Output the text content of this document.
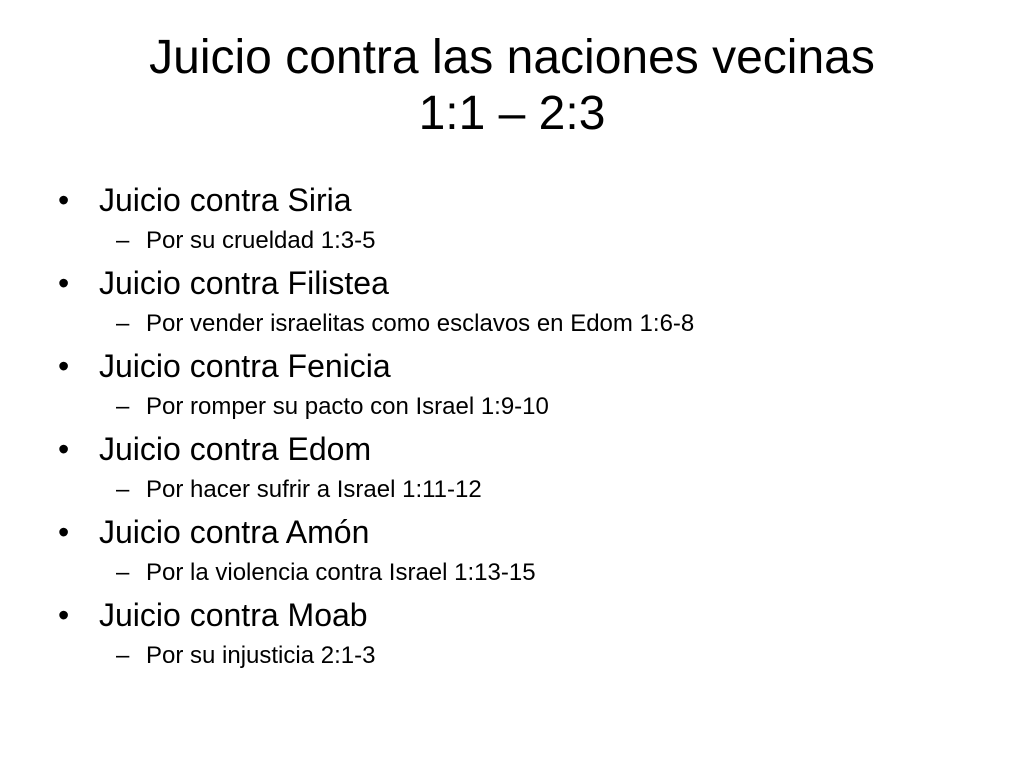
Juicio contra las naciones vecinas
1:1 – 2:3
• Juicio contra Siria
– Por su crueldad 1:3-5
• Juicio contra Filistea
– Por vender israelitas como esclavos en Edom 1:6-8
• Juicio contra Fenicia
– Por romper su pacto con Israel 1:9-10
• Juicio contra Edom
– Por hacer sufrir a Israel 1:11-12
• Juicio contra Amón
– Por la violencia contra Israel 1:13-15
• Juicio contra Moab
– Por su injusticia 2:1-3
